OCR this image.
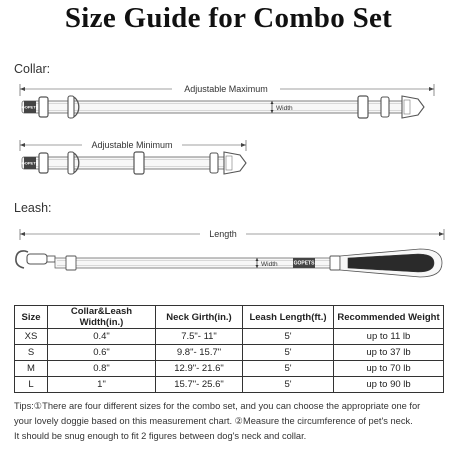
Size Guide for Combo Set
Collar:
Leash:
Adjustable Maximum
GOPETS	Width
Adjustable Minimum
GOPETS
Length
GOPETS
Width
Size	Collar&Leash Width(in.)	Neck Girth(in.)	Leash Length(ft.)	Recommended Weight
XS	0.4"	7.5"- 11"	5'	up to 11 lb
S	0.6"	9.8"- 15.7"	5'	up to 37 lb
M	0.8"	12.9"- 21.6"	5'	up to 70 lb
L	1"	15.7"- 25.6"	5'	up to 90 lb
Tips:①There are four different sizes for the combo set, and you can choose the appropriate one for
your lovely doggie based on this measurement chart. ②Measure the circumference of pet's neck.
It should be snug enough to fit 2 figures between dog's neck and collar.
